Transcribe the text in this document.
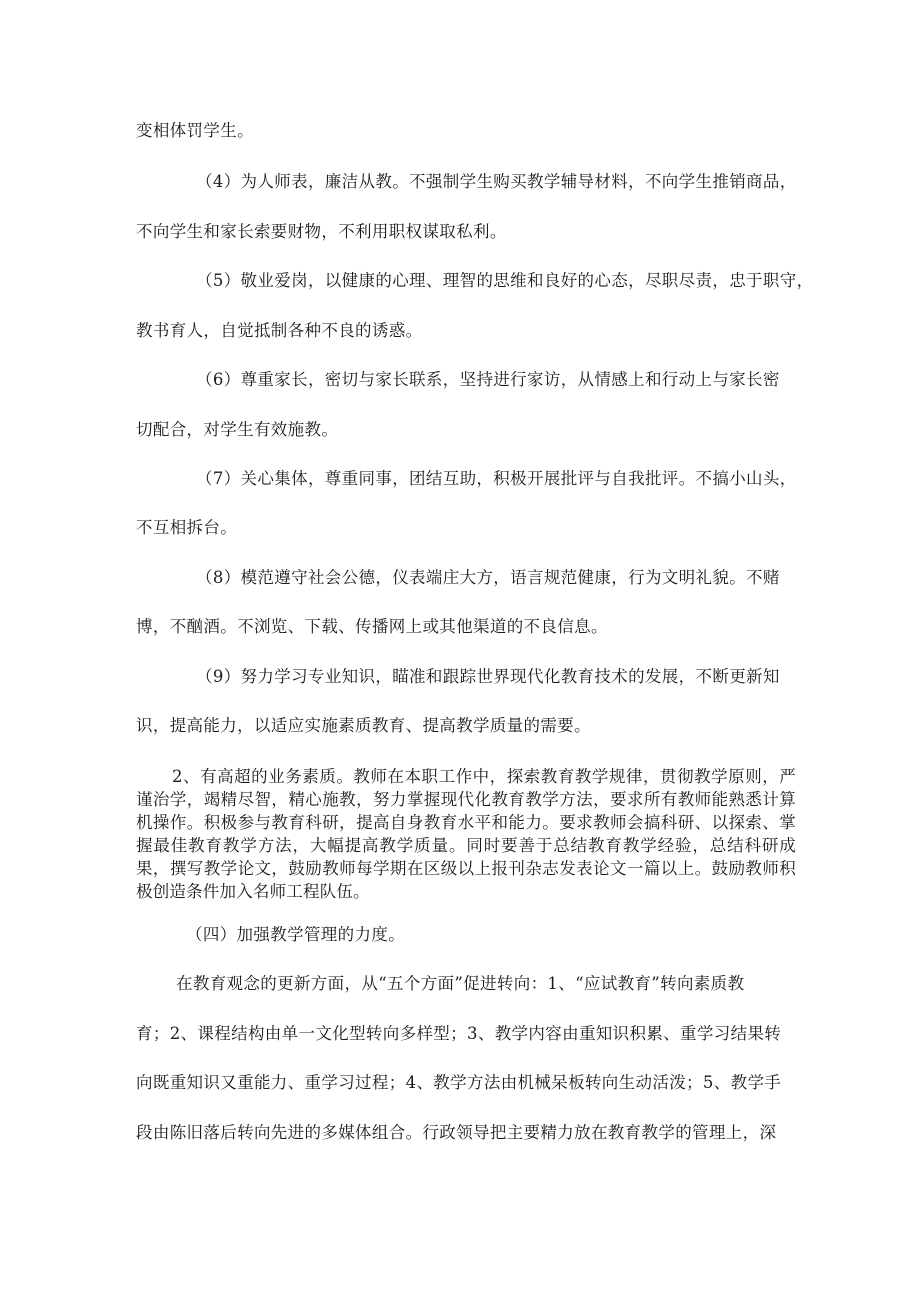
变相体罚学生。
（4）为人师表，廉洁从教。不强制学生购买教学辅导材料，不向学生推销商品，
不向学生和家长索要财物，不利用职权谋取私利。
（5）敬业爱岗，以健康的心理、理智的思维和良好的心态，尽职尽责，忠于职守，
教书育人，自觉抵制各种不良的诱惑。
（6）尊重家长，密切与家长联系，坚持进行家访，从情感上和行动上与家长密
切配合，对学生有效施教。
（7）关心集体，尊重同事，团结互助，积极开展批评与自我批评。不搞小山头，
不互相拆台。
（8）模范遵守社会公德，仪表端庄大方，语言规范健康，行为文明礼貌。不赌
博，不酗酒。不浏览、下载、传播网上或其他渠道的不良信息。
（9）努力学习专业知识，瞄准和跟踪世界现代化教育技术的发展，不断更新知
识，提高能力，以适应实施素质教育、提高教学质量的需要。
2、有高超的业务素质。教师在本职工作中，探索教育教学规律，贯彻教学原则，严谨治学，竭精尽智，精心施教，努力掌握现代化教育教学方法，要求所有教师能熟悉计算机操作。积极参与教育科研，提高自身教育水平和能力。要求教师会搞科研、以探索、掌握最佳教育教学方法，大幅提高教学质量。同时要善于总结教育教学经验，总结科研成果，撰写教学论文，鼓励教师每学期在区级以上报刊杂志发表论文一篇以上。鼓励教师积极创造条件加入名师工程队伍。
（四）加强教学管理的力度。
在教育观念的更新方面，从“五个方面”促进转向：1、“应试教育”转向素质教
育；2、课程结构由单一文化型转向多样型；3、教学内容由重知识积累、重学习结果转
向既重知识又重能力、重学习过程；4、教学方法由机械呆板转向生动活泼；5、教学手
段由陈旧落后转向先进的多媒体组合。行政领导把主要精力放在教育教学的管理上，深
